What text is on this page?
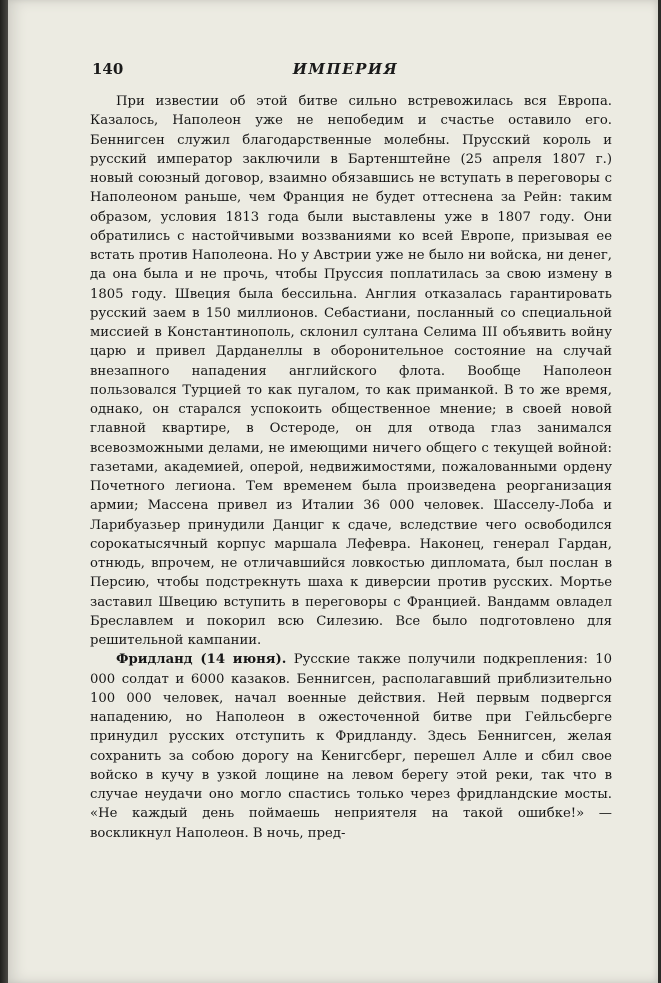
140	ИМПЕРИЯ

При известии об этой битве сильно встревожилась вся Европа. Казалось, Наполеон уже не непобедим и счастье оставило его. Беннигсен служил благодарственные молебны. Прусский король и русский император заключили в Бартенштейне (25 апреля 1807 г.) новый союзный договор, взаимно обязавшись не вступать в переговоры с Наполеоном раньше, чем Франция не будет оттеснена за Рейн: таким образом, условия 1813 года были выставлены уже в 1807 году. Они обратились с настойчивыми воззваниями ко всей Европе, призывая ее встать против Наполеона. Но у Австрии уже не было ни войска, ни денег, да она была и не прочь, чтобы Пруссия поплатилась за свою измену в 1805 году. Швеция была бессильна. Англия отказалась гарантировать русский заем в 150 миллионов. Себастиани, посланный со специальной миссией в Константинополь, склонил султана Селима III объявить войну царю и привел Дарданеллы в оборонительное состояние на случай внезапного нападения английского флота. Вообще Наполеон пользовался Турцией то как пугалом, то как приманкой. В то же время, однако, он старался успокоить общественное мнение; в своей новой главной квартире, в Остероде, он для отвода глаз занимался всевозможными делами, не имеющими ничего общего с текущей войной: газетами, академией, оперой, недвижимостями, пожалованными ордену Почетного легиона. Тем временем была произведена реорганизация армии; Массена привел из Италии 36 000 человек. Шасселу-Лоба и Ларибуазьер принудили Данциг к сдаче, вследствие чего освободился сорокатысячный корпус маршала Лефевра. Наконец, генерал Гардан, отнюдь, впрочем, не отличавшийся ловкостью дипломата, был послан в Персию, чтобы подстрекнуть шаха к диверсии против русских. Мортье заставил Швецию вступить в переговоры с Францией. Вандамм овладел Бреславлем и покорил всю Силезию. Все было подготовлено для решительной кампании.

Фридланд (14 июня). Русские также получили подкрепления: 10 000 солдат и 6000 казаков. Беннигсен, располагавший приблизительно 100 000 человек, начал военные действия. Ней первым подвергся нападению, но Наполеон в ожесточенной битве при Гейльсберге принудил русских отступить к Фридланду. Здесь Беннигсен, желая сохранить за собою дорогу на Кенигсберг, перешел Алле и сбил свое войско в кучу в узкой лощине на левом берегу этой реки, так что в случае неудачи оно могло спастись только через фридландские мосты. «Не каждый день поймаешь неприятеля на такой ошибке!» — воскликнул Наполеон. В ночь, пред-
